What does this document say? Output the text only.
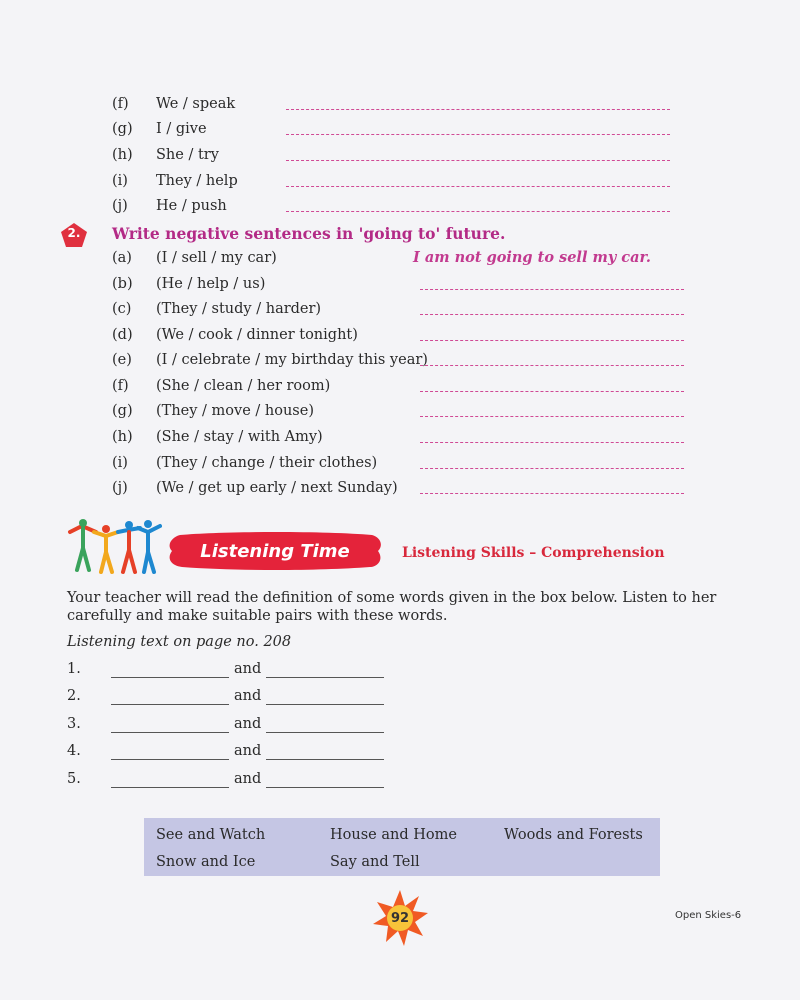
(f)	We / speak
(g)	I / give
(h)	She / try
(i)	They / help
(j)	He / push
2.	Write negative sentences in 'going to' future.
(a)	(I / sell / my car)	I am not going to sell my car.
(b)	(He / help / us)
(c)	(They / study / harder)
(d)	(We / cook / dinner tonight)
(e)	(I / celebrate / my birthday this year)
(f)	(She / clean / her room)
(g)	(They / move / house)
(h)	(She / stay / with Amy)
(i)	(They / change / their clothes)
(j)	(We / get up early / next Sunday)
Listening Time	Listening Skills – Comprehension
Your teacher will read the definition of some words given in the box below. Listen to her carefully and make suitable pairs with these words.
Listening text on page no. 208
1.	and
2.	and
3.	and
4.	and
5.	and
See and Watch	House and Home	Woods and Forests
Snow and Ice	Say and Tell
92	Open Skies-6
